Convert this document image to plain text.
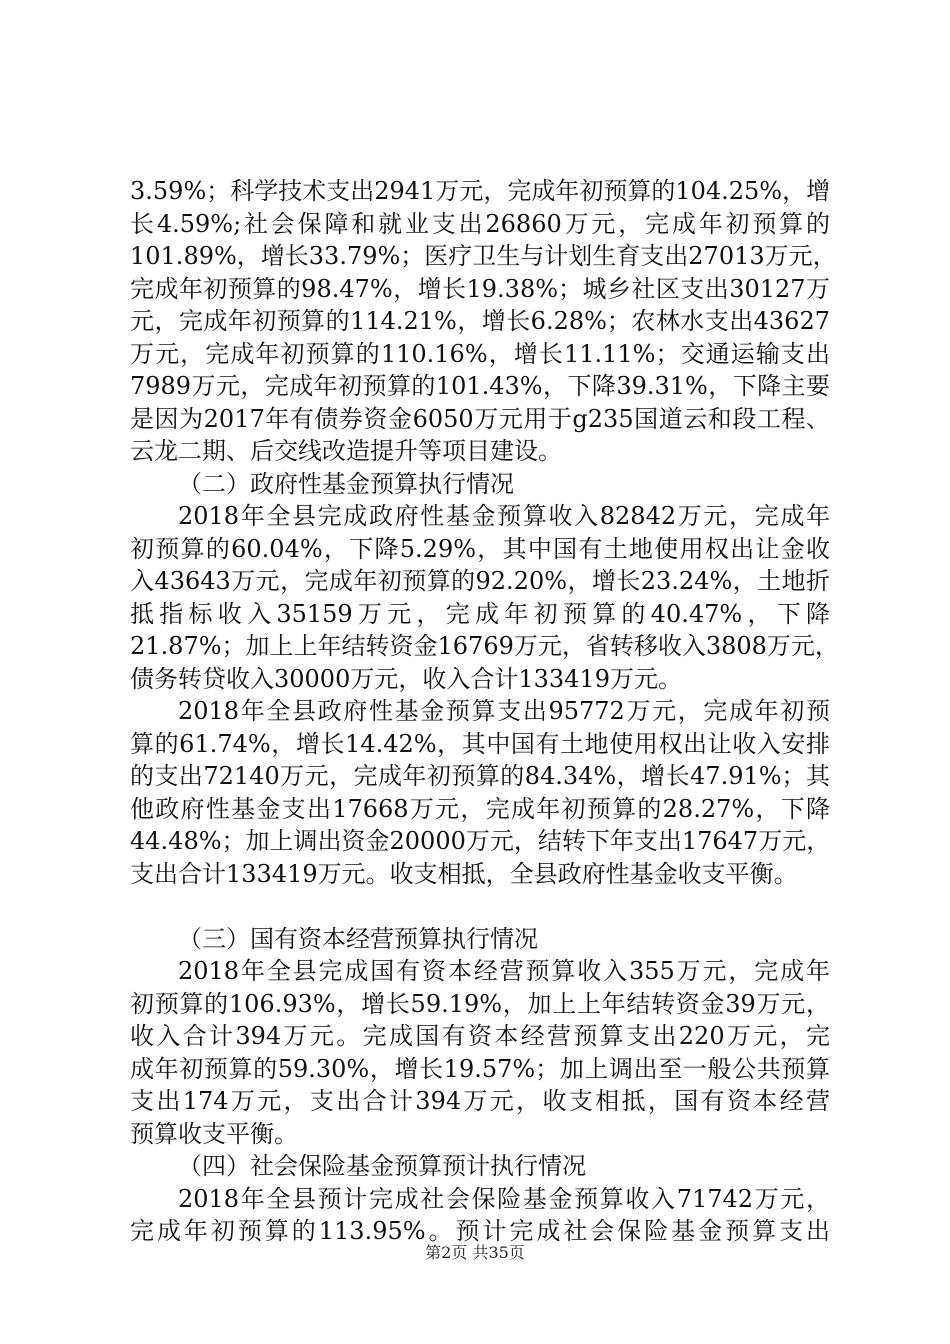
3.59%；科学技术支出2941万元，完成年初预算的104.25%，增
长4.59%;社会保障和就业支出26860万元，完成年初预算的
101.89%，增长33.79%；医疗卫生与计划生育支出27013万元，
完成年初预算的98.47%，增长19.38%；城乡社区支出30127万
元，完成年初预算的114.21%，增长6.28%；农林水支出43627
万元，完成年初预算的110.16%，增长11.11%；交通运输支出
7989万元，完成年初预算的101.43%，下降39.31%，下降主要
是因为2017年有债券资金6050万元用于g235国道云和段工程、
云龙二期、后交线改造提升等项目建设。
（二）政府性基金预算执行情况
2018年全县完成政府性基金预算收入82842万元，完成年
初预算的60.04%，下降5.29%，其中国有土地使用权出让金收
入43643万元，完成年初预算的92.20%，增长23.24%，土地折
抵指标收入35159万元，完成年初预算的40.47%，下降
21.87%；加上上年结转资金16769万元，省转移收入3808万元，
债务转贷收入30000万元，收入合计133419万元。
2018年全县政府性基金预算支出95772万元，完成年初预
算的61.74%，增长14.42%，其中国有土地使用权出让收入安排
的支出72140万元，完成年初预算的84.34%，增长47.91%；其
他政府性基金支出17668万元，完成年初预算的28.27%，下降
44.48%；加上调出资金20000万元，结转下年支出17647万元，
支出合计133419万元。收支相抵，全县政府性基金收支平衡。
（三）国有资本经营预算执行情况
2018年全县完成国有资本经营预算收入355万元，完成年
初预算的106.93%，增长59.19%，加上上年结转资金39万元，
收入合计394万元。完成国有资本经营预算支出220万元，完
成年初预算的59.30%，增长19.57%；加上调出至一般公共预算
支出174万元，支出合计394万元，收支相抵，国有资本经营
预算收支平衡。
（四）社会保险基金预算预计执行情况
2018年全县预计完成社会保险基金预算收入71742万元，
完成年初预算的113.95%。预计完成社会保险基金预算支出
第2页 共35页
